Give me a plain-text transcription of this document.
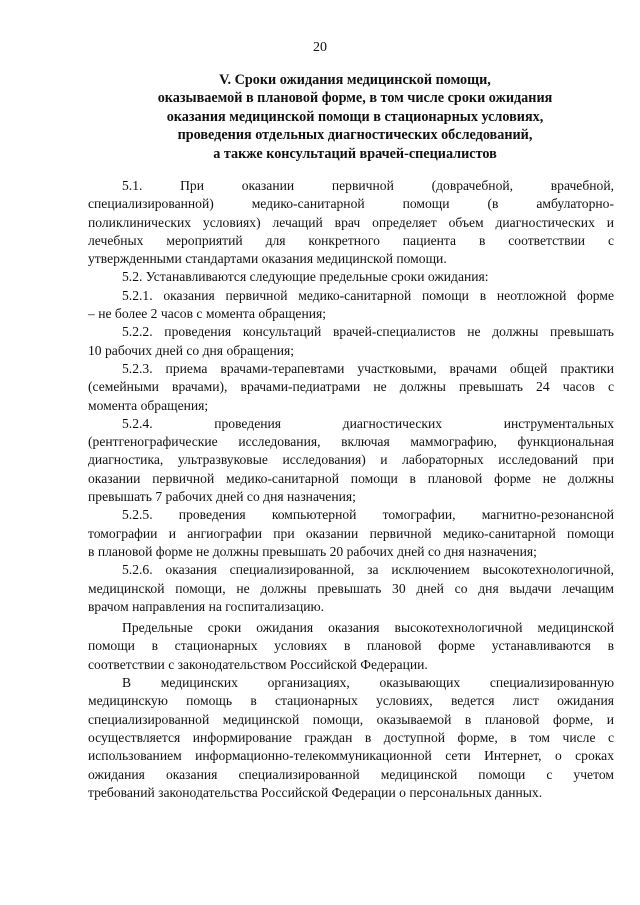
20
V. Сроки ожидания медицинской помощи,
оказываемой в плановой форме, в том числе сроки ожидания
оказания медицинской помощи в стационарных условиях,
проведения отдельных диагностических обследований,
а также консультаций врачей-специалистов
5.1. При оказании первичной (доврачебной, врачебной,
специализированной) медико-санитарной помощи (в амбулаторно-
поликлинических условиях) лечащий врач определяет объем диагностических и
лечебных мероприятий для конкретного пациента в соответствии с
утвержденными стандартами оказания медицинской помощи.
5.2. Устанавливаются следующие предельные сроки ожидания:
5.2.1. оказания первичной медико-санитарной помощи в неотложной форме
– не более 2 часов с момента обращения;
5.2.2. проведения консультаций врачей-специалистов не должны превышать
10 рабочих дней со дня обращения;
5.2.3. приема врачами-терапевтами участковыми, врачами общей практики
(семейными врачами), врачами-педиатрами не должны превышать 24 часов с
момента обращения;
5.2.4. проведения диагностических инструментальных
(рентгенографические исследования, включая маммографию, функциональная
диагностика, ультразвуковые исследования) и лабораторных исследований при
оказании первичной медико-санитарной помощи в плановой форме не должны
превышать 7 рабочих дней со дня назначения;
5.2.5. проведения компьютерной томографии, магнитно-резонансной
томографии и ангиографии при оказании первичной медико-санитарной помощи
в плановой форме не должны превышать 20 рабочих дней со дня назначения;
5.2.6. оказания специализированной, за исключением высокотехнологичной,
медицинской помощи, не должны превышать 30 дней со дня выдачи лечащим
врачом направления на госпитализацию.
Предельные сроки ожидания оказания высокотехнологичной медицинской
помощи в стационарных условиях в плановой форме устанавливаются в
соответствии с законодательством Российской Федерации.
В медицинских организациях, оказывающих специализированную
медицинскую помощь в стационарных условиях, ведется лист ожидания
специализированной медицинской помощи, оказываемой в плановой форме, и
осуществляется информирование граждан в доступной форме, в том числе с
использованием информационно-телекоммуникационной сети Интернет, о сроках
ожидания оказания специализированной медицинской помощи с учетом
требований законодательства Российской Федерации о персональных данных.
